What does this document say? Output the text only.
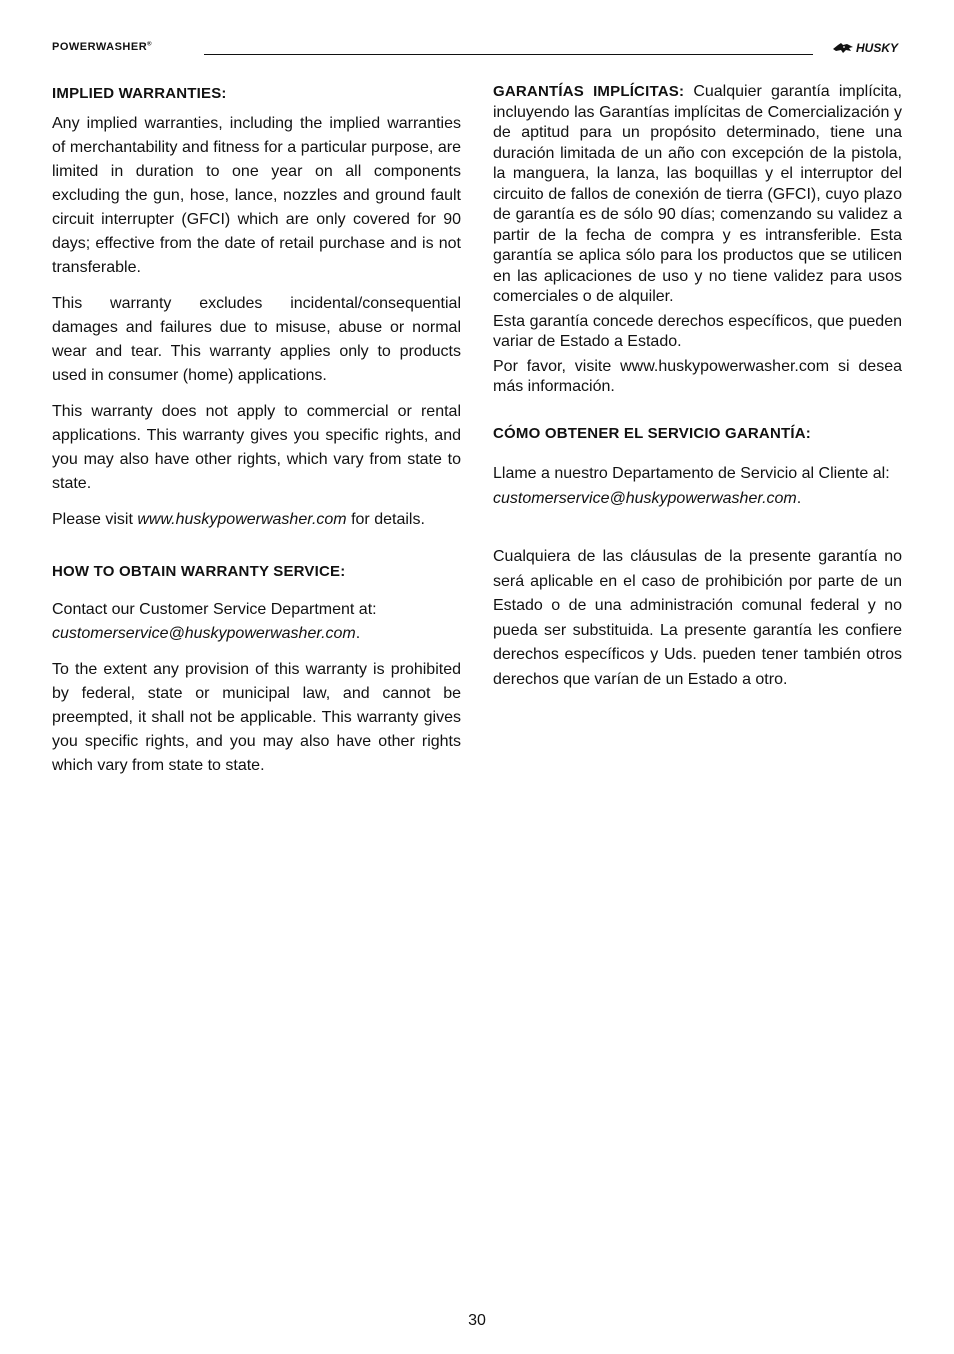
POWERWASHER®	HUSKY
IMPLIED WARRANTIES:

Any implied warranties, including the implied warranties of merchantability and fitness for a particular purpose, are limited in duration to one year on all components excluding the gun, hose, lance, nozzles and ground fault circuit interrupter (GFCI) which are only covered for 90 days; effective from the date of retail purchase and is not transferable.

This warranty excludes incidental/consequential damages and failures due to misuse, abuse or normal wear and tear. This warranty applies only to products used in consumer (home) applications.

This warranty does not apply to commercial or rental applications. This warranty gives you specific rights, and you may also have other rights, which vary from state to state.

Please visit www.huskypowerwasher.com for details.

HOW TO OBTAIN WARRANTY SERVICE:

Contact our Customer Service Department at:
customerservice@huskypowerwasher.com.

To the extent any provision of this warranty is prohibited by federal, state or municipal law, and cannot be preempted, it shall not be applicable. This warranty gives you specific rights, and you may also have other rights which vary from state to state.

GARANTÍAS IMPLÍCITAS: Cualquier garantía implícita, incluyendo las Garantías implícitas de Comercialización y de aptitud para un propósito determinado, tiene una duración limitada de un año con excepción de la pistola, la manguera, la lanza, las boquillas y el interruptor del circuito de fallos de conexión de tierra (GFCI), cuyo plazo de garantía es de sólo 90 días; comenzando su validez a partir de la fecha de compra y es intransferible. Esta garantía se aplica sólo para los productos que se utilicen en las aplicaciones de uso y no tiene validez para usos comerciales o de alquiler.

Esta garantía concede derechos específicos, que pueden variar de Estado a Estado.

Por favor, visite www.huskypowerwasher.com si desea más información.

CÓMO OBTENER EL SERVICIO GARANTÍA:

Llame a nuestro Departamento de Servicio al Cliente al:
customerservice@huskypowerwasher.com.

Cualquiera de las cláusulas de la presente garantía no será aplicable en el caso de prohibición por parte de un Estado o de una administración comunal federal y no pueda ser substituida. La presente garantía les confiere derechos específicos y Uds. pueden tener también otros derechos que varían de un Estado a otro.

30
